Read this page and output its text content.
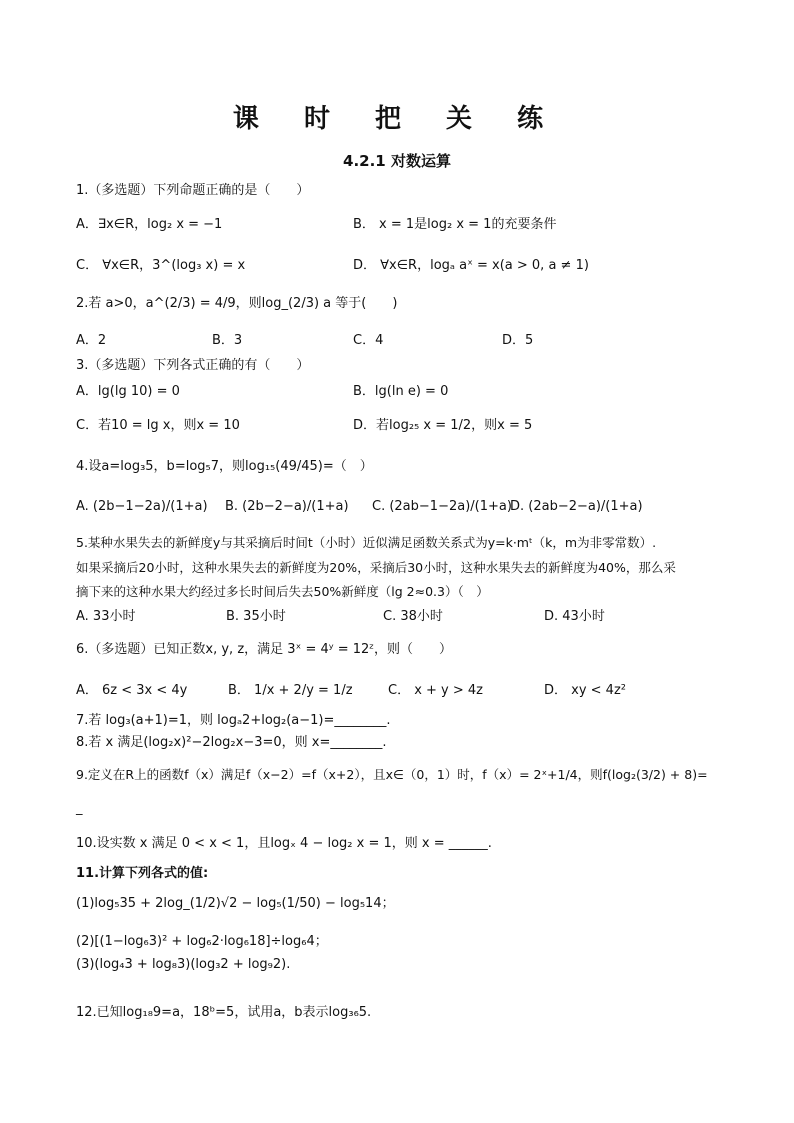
课 时 把 关 练
4.2.1 对数运算
1.（多选题）下列命题正确的是（　　）
A．∃x∈R，log₂ x = −1	B． x = 1是log₂ x = 1的充要条件
C． ∀x∈R，3^(log₃ x) = x	D． ∀x∈R，logₐ aˣ = x(a > 0, a ≠ 1)
2.若 a>0，a^(2/3) = 4/9，则log_(2/3) a 等于(　　)
A．2	B．3	C．4	D．5
3.（多选题）下列各式正确的有（　　）
A．lg(lg 10) = 0	B．lg(ln e) = 0
C．若10 = lg x，则x = 10	D．若log₂₅ x = 1/2，则x = 5
4.设a=log₃5，b=log₅7，则log₁₅(49/45)=（　）
A. (2b−1−2a)/(1+a) B. (2b−2−a)/(1+a) C. (2ab−1−2a)/(1+a)
D. (2ab−2−a)/(1+a)
5.某种水果失去的新鲜度y与其采摘后时间t（小时）近似满足函数关系式为y=k·mᵗ（k，m为非零常数）.
如果采摘后20小时，这种水果失去的新鲜度为20%，采摘后30小时，这种水果失去的新鲜度为40%，那么采
摘下来的这种水果大约经过多长时间后失去50%新鲜度（lg 2≈0.3）（　）
A. 33小时	B. 35小时	C. 38小时	D. 43小时
6.（多选题）已知正数x, y, z，满足 3ˣ = 4ʸ = 12ᶻ，则（　　）
A． 6z < 3x < 4y	B． 1/x + 2/y = 1/z	C． x + y > 4z	D． xy < 4z²
7.若 log₃(a+1)=1，则 logₐ2+log₂(a−1)=________.
8.若 x 满足(log₂x)²−2log₂x−3=0，则 x=________.
9.定义在R上的函数f（x）满足f（x−2）=f（x+2），且x∈（0，1）时，f（x）= 2ˣ+1/4，则f(log₂(3/2) + 8)=
_
10.设实数 x 满足 0 < x < 1，且logₓ 4 − log₂ x = 1，则 x = ______.
11.计算下列各式的值:
(1)log₅35 + 2log_(1/2)√2 − log₅(1/50) − log₅14；
(2)[(1−log₆3)² + log₆2·log₆18]÷log₆4；
(3)(log₄3 + log₈3)(log₃2 + log₉2).
12.已知log₁₈9=a，18ᵇ=5，试用a，b表示log₃₆5.
